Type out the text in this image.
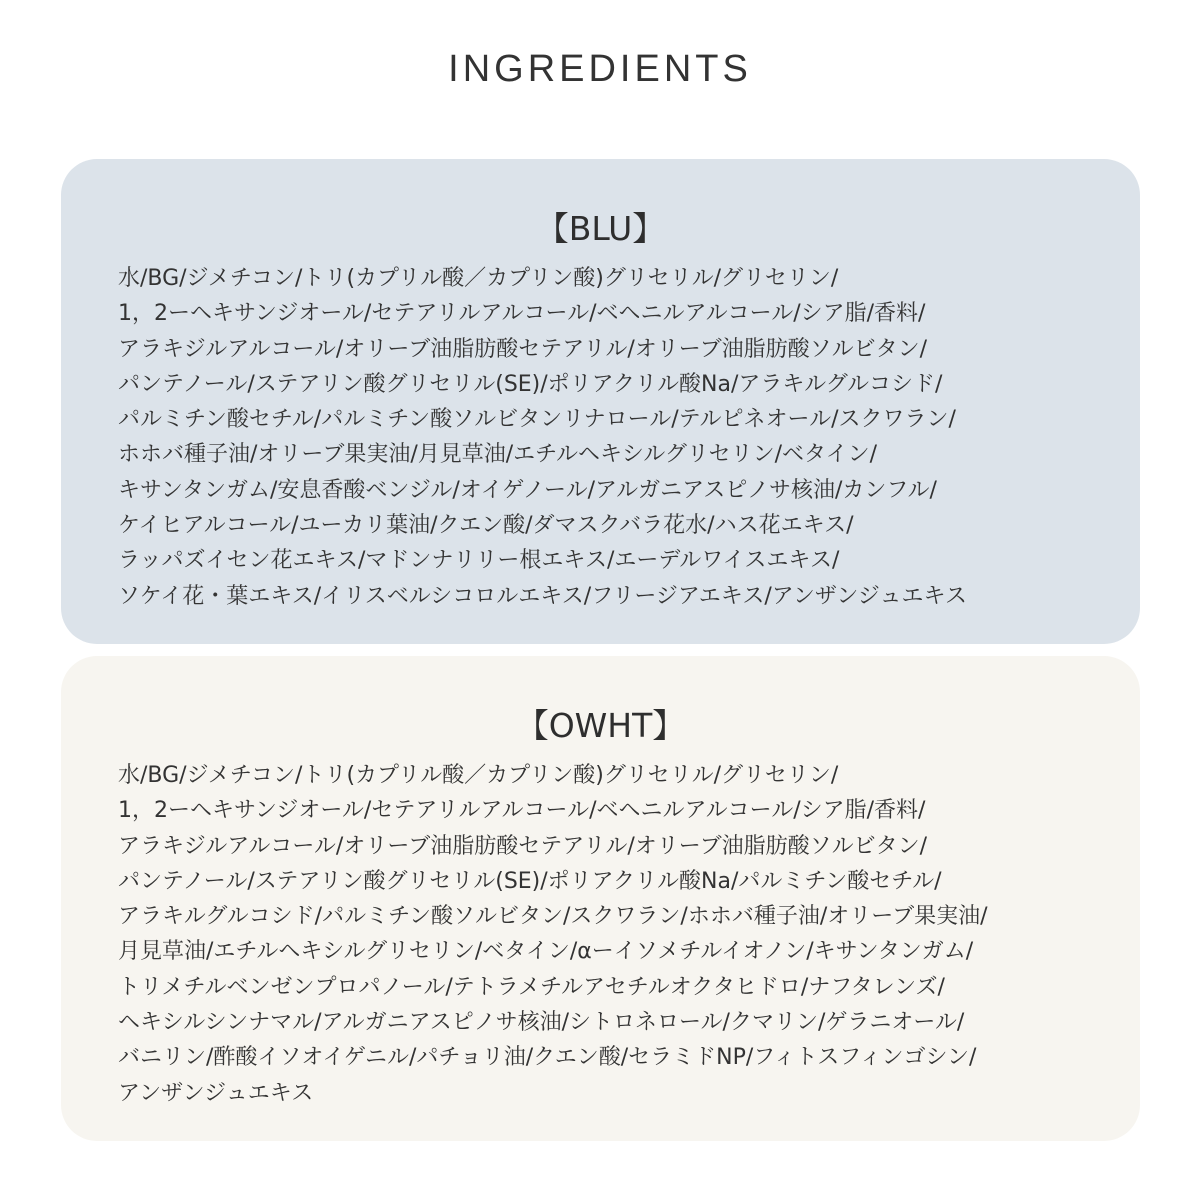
INGREDIENTS
【BLU】
水/BG/ジメチコン/トリ(カプリル酸／カプリン酸)グリセリル/グリセリン/
1，2ーヘキサンジオール/セテアリルアルコール/ベヘニルアルコール/シア脂/香料/
アラキジルアルコール/オリーブ油脂肪酸セテアリル/オリーブ油脂肪酸ソルビタン/
パンテノール/ステアリン酸グリセリル(SE)/ポリアクリル酸Na/アラキルグルコシド/
パルミチン酸セチル/パルミチン酸ソルビタンリナロール/テルピネオール/スクワラン/
ホホバ種子油/オリーブ果実油/月見草油/エチルヘキシルグリセリン/ベタイン/
キサンタンガム/安息香酸ベンジル/オイゲノール/アルガニアスピノサ核油/カンフル/
ケイヒアルコール/ユーカリ葉油/クエン酸/ダマスクバラ花水/ハス花エキス/
ラッパズイセン花エキス/マドンナリリー根エキス/エーデルワイスエキス/
ソケイ花・葉エキス/イリスベルシコロルエキス/フリージアエキス/アンザンジュエキス
【OWHT】
水/BG/ジメチコン/トリ(カプリル酸／カプリン酸)グリセリル/グリセリン/
1，2ーヘキサンジオール/セテアリルアルコール/ベヘニルアルコール/シア脂/香料/
アラキジルアルコール/オリーブ油脂肪酸セテアリル/オリーブ油脂肪酸ソルビタン/
パンテノール/ステアリン酸グリセリル(SE)/ポリアクリル酸Na/パルミチン酸セチル/
アラキルグルコシド/パルミチン酸ソルビタン/スクワラン/ホホバ種子油/オリーブ果実油/
月見草油/エチルヘキシルグリセリン/ベタイン/αーイソメチルイオノン/キサンタンガム/
トリメチルベンゼンプロパノール/テトラメチルアセチルオクタヒドロ/ナフタレンズ/
ヘキシルシンナマル/アルガニアスピノサ核油/シトロネロール/クマリン/ゲラニオール/
バニリン/酢酸イソオイゲニル/パチョリ油/クエン酸/セラミドNP/フィトスフィンゴシン/
アンザンジュエキス
